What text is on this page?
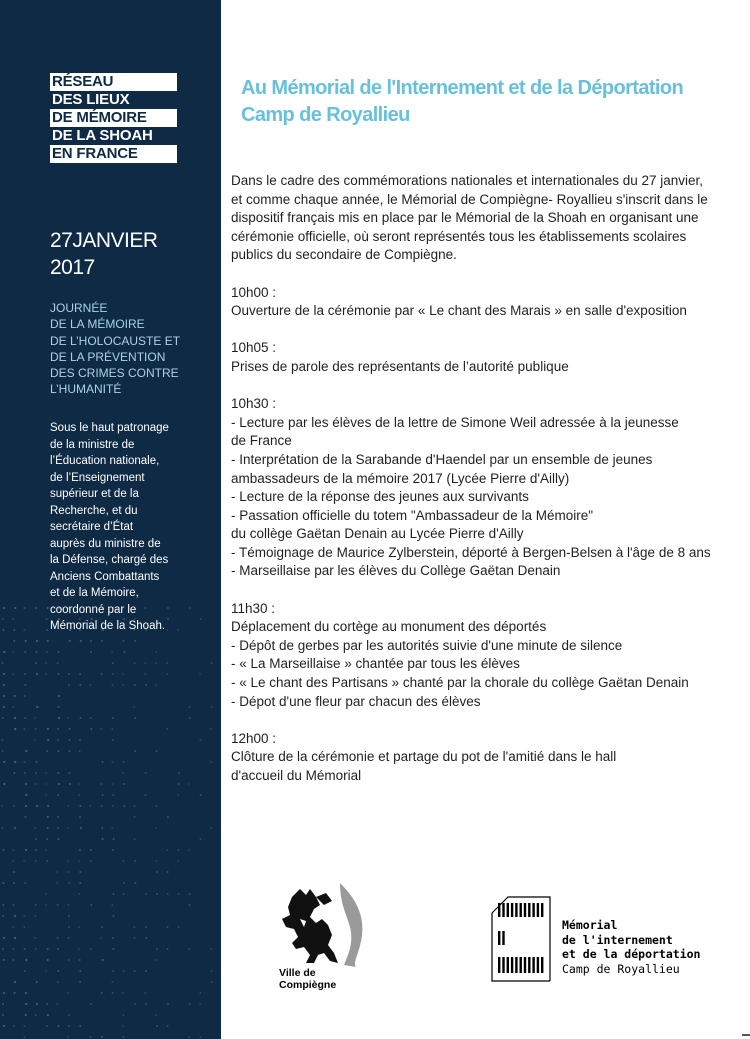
RÉSEAU
DES LIEUX
DE MÉMOIRE
DE LA SHOAH
EN FRANCE
27JANVIER
2017
JOURNÉE
DE LA MÉMOIRE
DE L’HOLOCAUSTE ET
DE LA PRÉVENTION
DES CRIMES CONTRE
L’HUMANITÉ
Sous le haut patronage
de la ministre de
l’Éducation nationale,
de l’Enseignement
supérieur et de la
Recherche, et du
secrétaire d’État
auprès du ministre de
la Défense, chargé des
Anciens Combattants
et de la Mémoire,
coordonné par le
Mémorial de la Shoah.
Au Mémorial de l'Internement et de la Déportation
Camp de Royallieu
Dans le cadre des commémorations nationales et internationales du 27 janvier,
et comme chaque année, le Mémorial de Compiègne- Royallieu s'inscrit dans le
dispositif français mis en place par le Mémorial de la Shoah en organisant une
cérémonie officielle, où seront représentés tous les établissements scolaires
publics du secondaire de Compiègne.
10h00 :
Ouverture de la cérémonie par « Le chant des Marais » en salle d'exposition
10h05 :
Prises de parole des représentants de l’autorité publique
10h30 :
- Lecture par les élèves de la lettre de Simone Weil adressée à la jeunesse
de France
- Interprétation de la Sarabande d'Haendel par un ensemble de jeunes
ambassadeurs de la mémoire 2017 (Lycée Pierre d'Ailly)
- Lecture de la réponse des jeunes aux survivants
- Passation officielle du totem "Ambassadeur de la Mémoire"
du collège Gaëtan Denain au Lycée Pierre d'Ailly
- Témoignage de Maurice Zylberstein, déporté à Bergen-Belsen à l'âge de 8 ans
- Marseillaise par les élèves du Collège Gaëtan Denain
11h30 :
Déplacement du cortège au monument des déportés
- Dépôt de gerbes par les autorités suivie d'une minute de silence
- « La Marseillaise » chantée par tous les élèves
- « Le chant des Partisans » chanté par la chorale du collège Gaëtan Denain
- Dépot d'une fleur par chacun des élèves
12h00 :
Clôture de la cérémonie et partage du pot de l'amitié dans le hall
d'accueil du Mémorial
Ville de
Compiègne
Mémorial
de l'internement
et de la déportation
Camp de Royallieu
